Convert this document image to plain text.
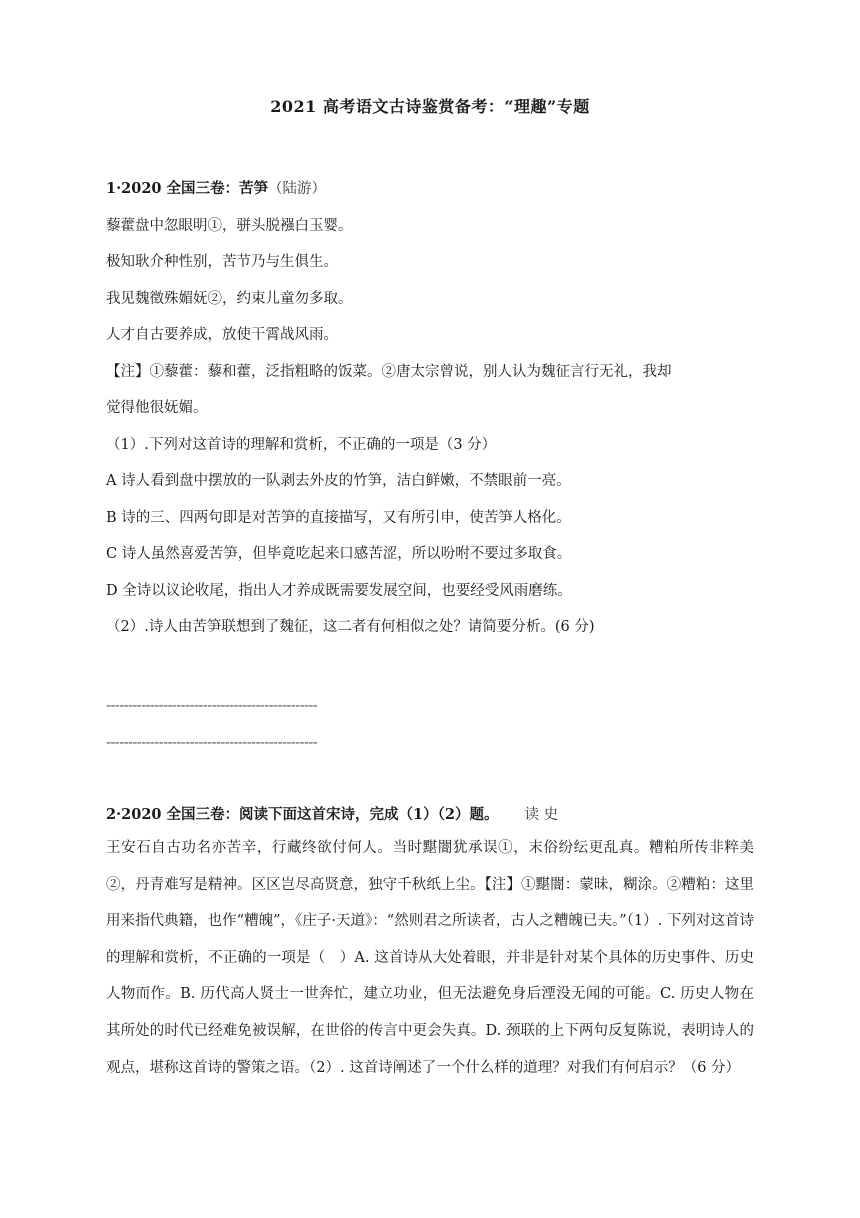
2021 高考语文古诗鉴赏备考：“理趣”专题
1·2020 全国三卷：苦笋（陆游）
藜藿盘中忽眼明①，骈头脱襁白玉婴。
极知耿介种性别，苦节乃与生俱生。
我见魏徵殊媚妩②，约束儿童勿多取。
人才自古要养成，放使干霄战风雨。
【注】①藜藿：藜和藿，泛指粗略的饭菜。②唐太宗曾说，别人认为魏征言行无礼，我却
觉得他很妩媚。
（1）.下列对这首诗的理解和赏析，不正确的一项是（3 分）
A 诗人看到盘中摆放的一队剥去外皮的竹笋，洁白鲜嫩，不禁眼前一亮。
B 诗的三、四两句即是对苦笋的直接描写，又有所引申，使苦笋人格化。
C 诗人虽然喜爱苦笋，但毕竟吃起来口感苦涩，所以吩咐不要过多取食。
D 全诗以议论收尾，指出人才养成既需要发展空间，也要经受风雨磨练。
（2）.诗人由苦笋联想到了魏征，这二者有何相似之处？请简要分析。(6 分)
------------------------------------------------
------------------------------------------------
2·2020 全国三卷：阅读下面这首宋诗，完成（1）（2）题。 读 史

王安石自古功名亦苦辛，行藏终欲付何人。当时黮闇犹承误①，末俗纷纭更乱真。糟粕所传非粹美②，丹青难写是精神。区区岂尽高贤意，独守千秋纸上尘。【注】①黮闇：蒙昧，糊涂。②糟粕：这里用来指代典籍，也作“糟魄”，《庄子·天道》：“然则君之所读者，古人之糟魄已夫。”（1）. 下列对这首诗的理解和赏析，不正确的一项是（　）A. 这首诗从大处着眼，并非是针对某个具体的历史事件、历史人物而作。B. 历代高人贤士一世奔忙，建立功业，但无法避免身后湮没无闻的可能。C. 历史人物在其所处的时代已经难免被误解，在世俗的传言中更会失真。D. 颈联的上下两句反复陈说，表明诗人的观点，堪称这首诗的警策之语。（2）. 这首诗阐述了一个什么样的道理？对我们有何启示？（6 分）
